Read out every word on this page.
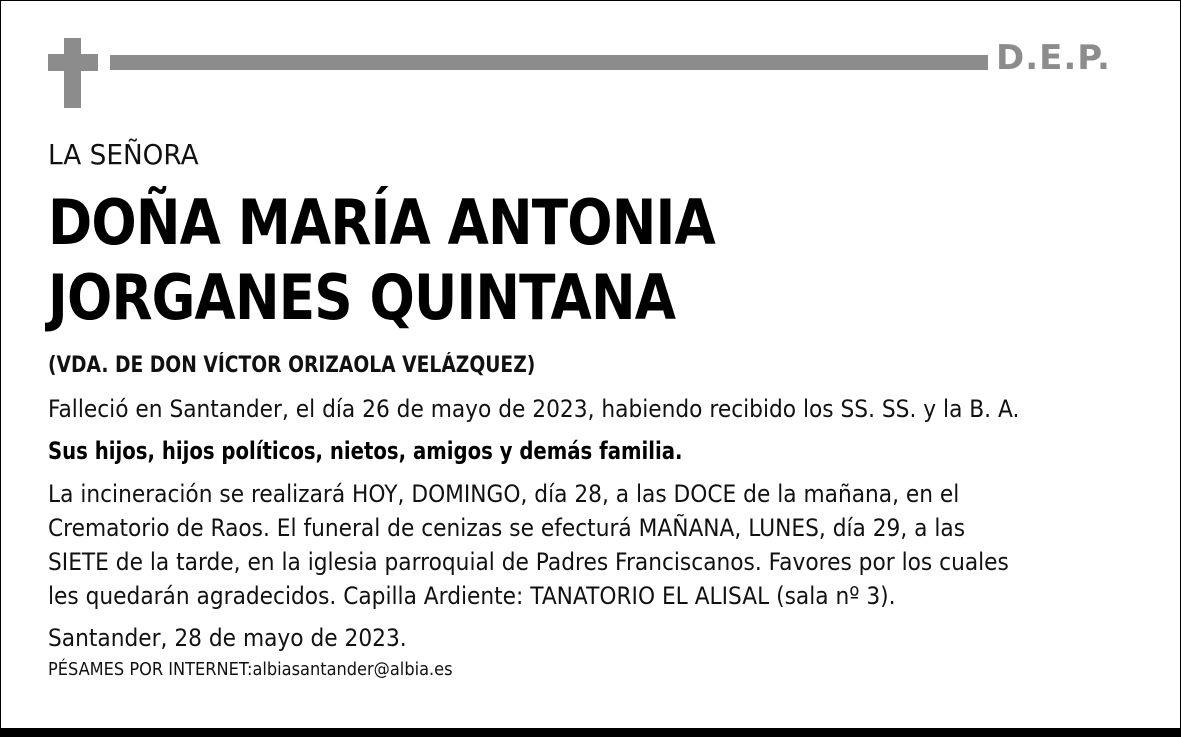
D.E.P.
LA SEÑORA
DOÑA MARÍA ANTONIA
JORGANES QUINTANA
(VDA. DE DON VÍCTOR ORIZAOLA VELÁZQUEZ)
Falleció en Santander, el día 26 de mayo de 2023, habiendo recibido los SS. SS. y la B. A.
Sus hijos, hijos políticos, nietos, amigos y demás familia.
La incineración se realizará HOY, DOMINGO, día 28, a las DOCE de la mañana, en el
Crematorio de Raos. El funeral de cenizas se efecturá MAÑANA, LUNES, día 29, a las
SIETE de la tarde, en la iglesia parroquial de Padres Franciscanos. Favores por los cuales
les quedarán agradecidos. Capilla Ardiente: TANATORIO EL ALISAL (sala nº 3).
Santander, 28 de mayo de 2023.
PÉSAMES POR INTERNET:albiasantander@albia.es
